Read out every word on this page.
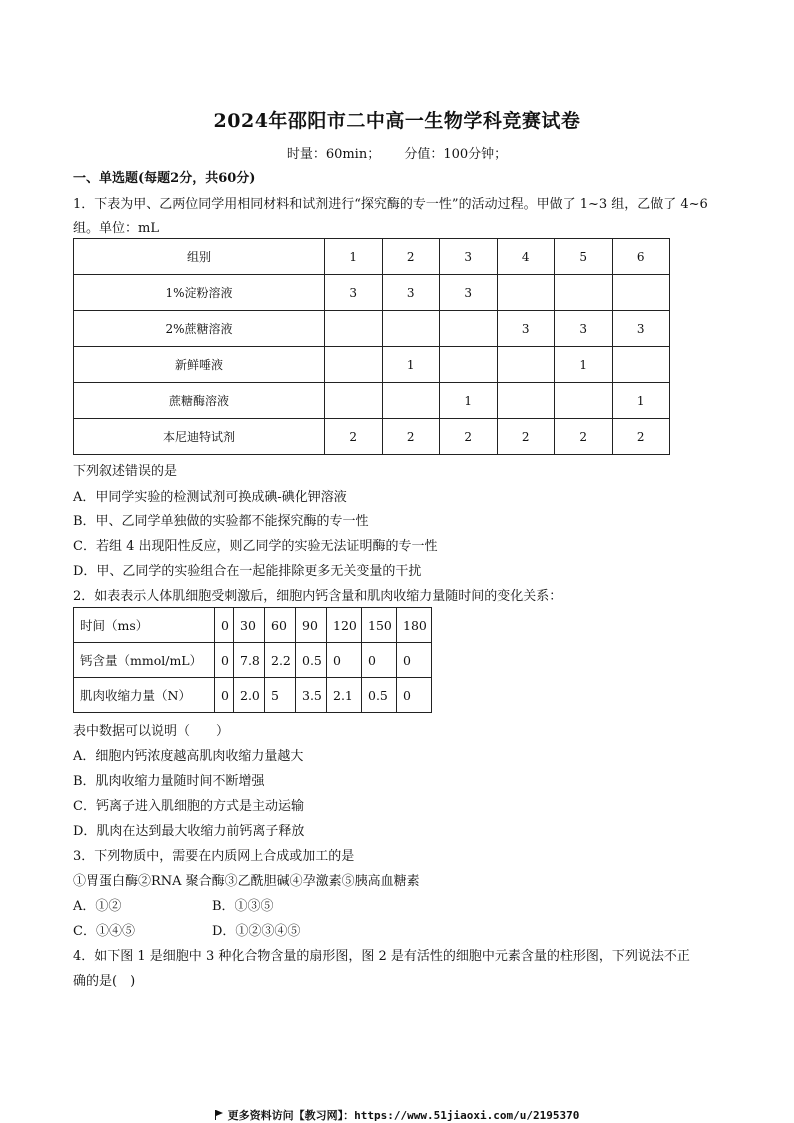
2024年邵阳市二中高一生物学科竞赛试卷
时量：60min； 分值：100分钟；
一、单选题(每题2分，共60分)
1．下表为甲、乙两位同学用相同材料和试剂进行“探究酶的专一性”的活动过程。甲做了 1~3 组，乙做了 4~6
组。单位：mL
组别	1	2	3	4	5	6
1%淀粉溶液	3	3	3			
2%蔗糖溶液				3	3	3
新鲜唾液		1			1	
蔗糖酶溶液			1			1
本尼迪特试剂	2	2	2	2	2	2
下列叙述错误的是
A．甲同学实验的检测试剂可换成碘-碘化钾溶液
B．甲、乙同学单独做的实验都不能探究酶的专一性
C．若组 4 出现阳性反应，则乙同学的实验无法证明酶的专一性
D．甲、乙同学的实验组合在一起能排除更多无关变量的干扰
2．如表表示人体肌细胞受刺激后，细胞内钙含量和肌肉收缩力量随时间的变化关系：
时间（ms）	0	30	60	90	120	150	180
钙含量（mmol/mL）	0	7.8	2.2	0.5	0	0	0
肌肉收缩力量（N）	0	2.0	5	3.5	2.1	0.5	0
表中数据可以说明（　　）
A．细胞内钙浓度越高肌肉收缩力量越大
B．肌肉收缩力量随时间不断增强
C．钙离子进入肌细胞的方式是主动运输
D．肌肉在达到最大收缩力前钙离子释放
3．下列物质中，需要在内质网上合成或加工的是
①胃蛋白酶②RNA 聚合酶③乙酰胆碱④孕激素⑤胰高血糖素
A．①②	B．①③⑤
C．①④⑤	D．①②③④⑤
4．如下图 1 是细胞中 3 种化合物含量的扇形图，图 2 是有活性的细胞中元素含量的柱形图，下列说法不正
确的是(　)
更多资料访问【教习网】：https://www.51jiaoxi.com/u/2195370
